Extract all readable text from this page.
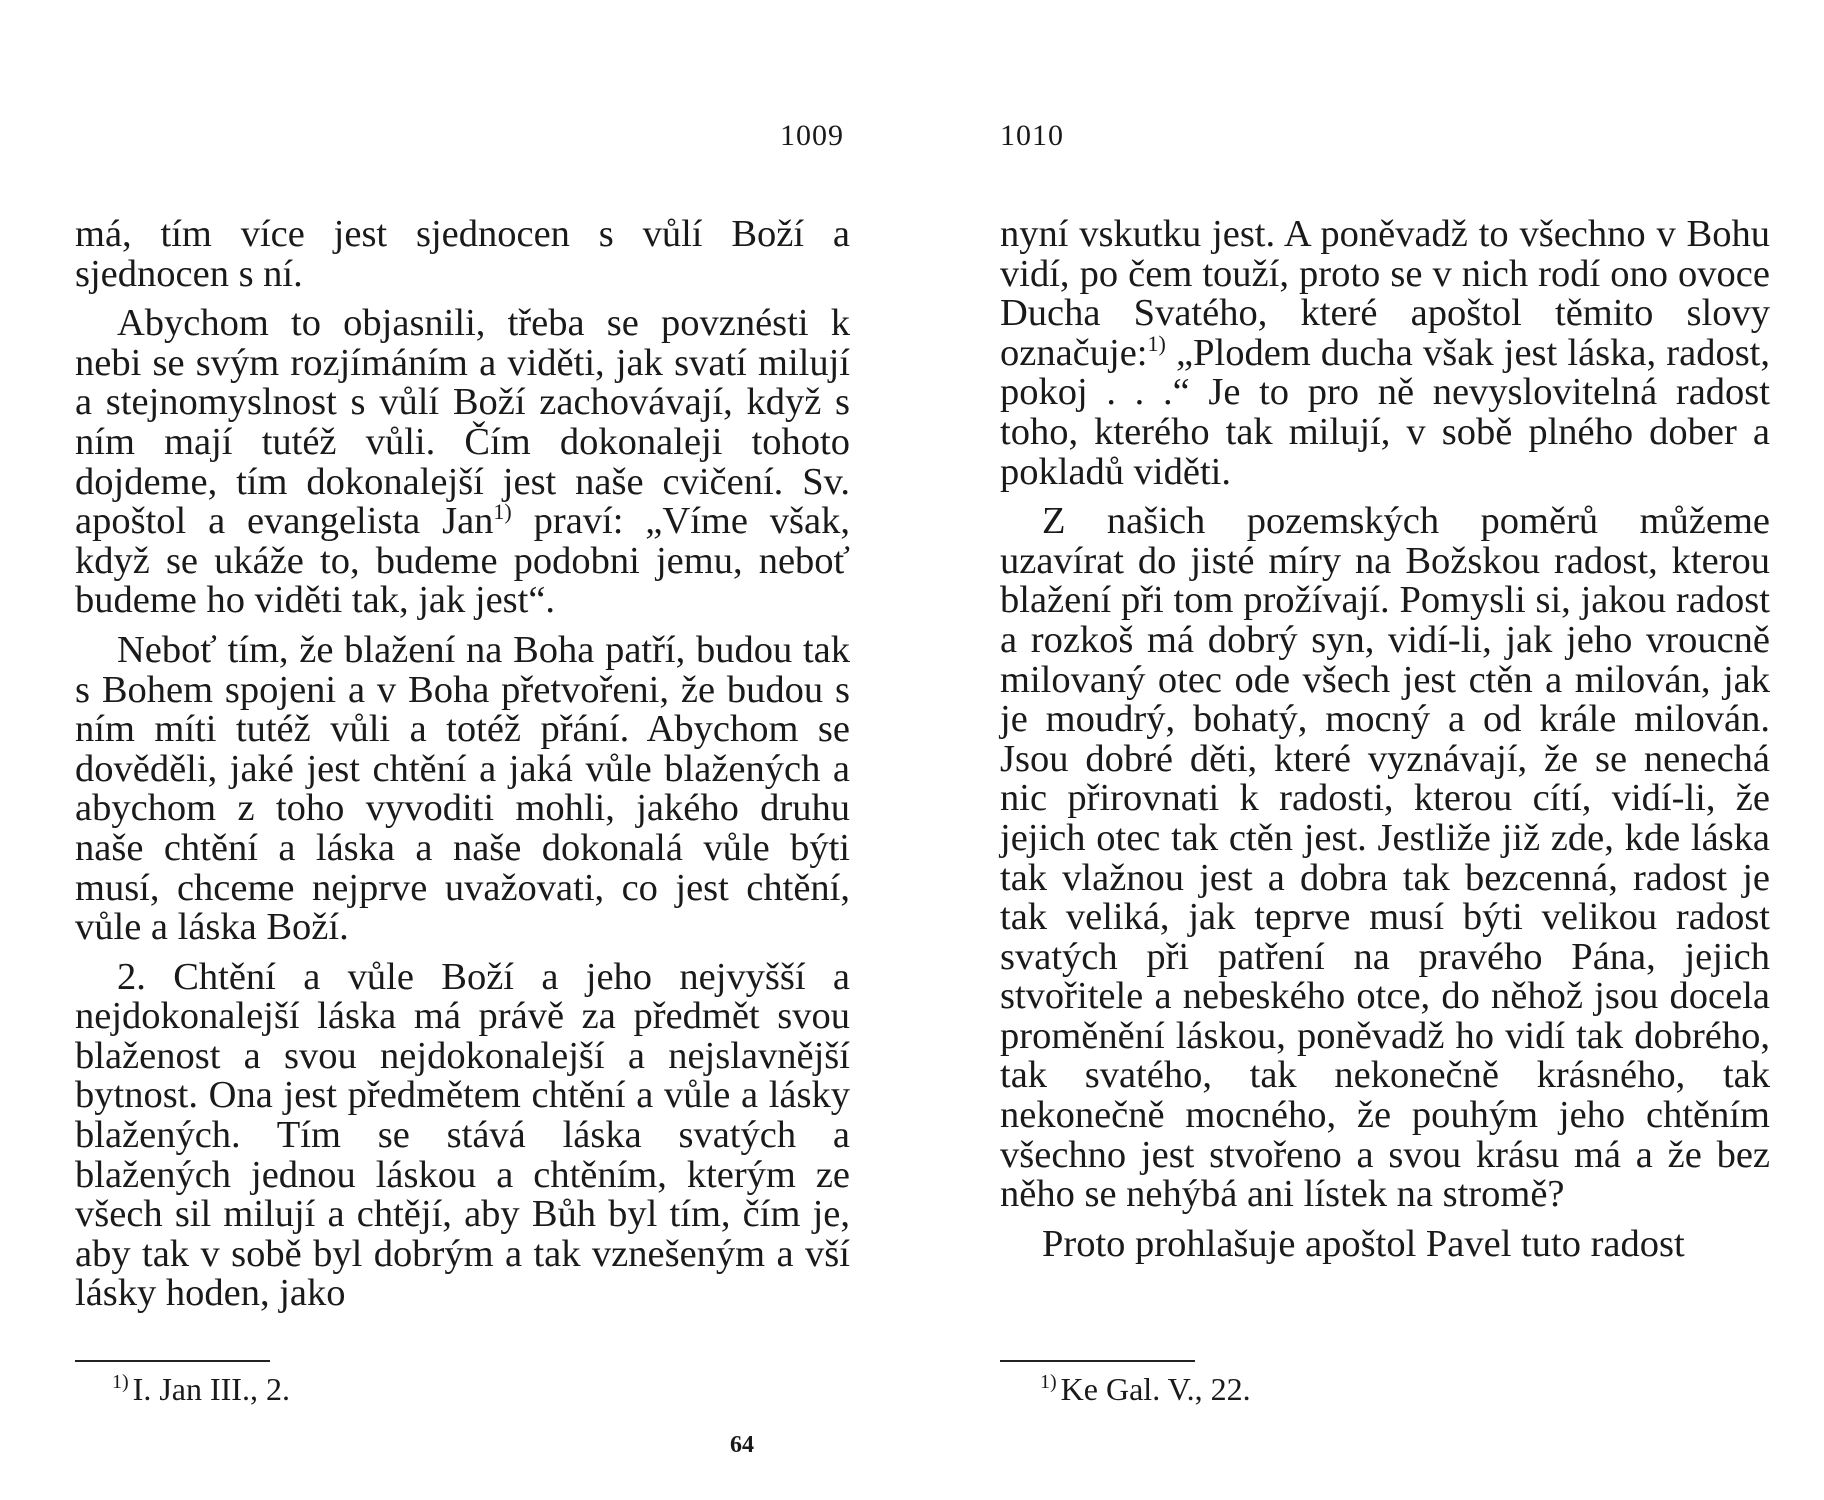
1009	1010

má, tím více jest sjednocen s vůlí Boží a sjednocen s ní.

Abychom to objasnili, třeba se povznésti k nebi se svým rozjímáním a viděti, jak svatí milují a stejnomyslnost s vůlí Boží zachovávají, když s ním mají tutéž vůli. Čím dokonaleji tohoto dojdeme, tím dokonalejší jest naše cvičení. Sv. apoštol a evangelista Jan$^{1)}$ praví: „Víme však, když se ukáže to, budeme podobni jemu, neboť budeme ho viděti tak, jak jest“.

Neboť tím, že blažení na Boha patří, budou tak s Bohem spojeni a v Boha přetvořeni, že budou s ním míti tutéž vůli a totéž přání. Abychom se dověděli, jaké jest chtění a jaká vůle blažených a abychom z toho vyvoditi mohli, jakého druhu naše chtění a láska a naše dokonalá vůle býti musí, chceme nejprve uvažovati, co jest chtění, vůle a láska Boží.

2. Chtění a vůle Boží a jeho nejvyšší a nejdokonalejší láska má právě za předmět svou blaženost a svou nejdokonalejší a nejslavnější bytnost. Ona jest předmětem chtění a vůle a lásky blažených. Tím se stává láska svatých a blažených jednou láskou a chtěním, kterým ze všech sil milují a chtějí, aby Bůh byl tím, čím je, aby tak v sobě byl dobrým a tak vznešeným a vší lásky hoden, jako

$^{1)}$ I. Jan III., 2.

nyní vskutku jest. A poněvadž to všechno v Bohu vidí, po čem touží, proto se v nich rodí ono ovoce Ducha Svatého, které apoštol těmito slovy označuje:$^{1)}$ „Plodem ducha však jest láska, radost, pokoj . . .“ Je to pro ně nevyslovitelná radost toho, kterého tak milují, v sobě plného dober a pokladů viděti.

Z našich pozemských poměrů můžeme uzavírat do jisté míry na Božskou radost, kterou blažení při tom prožívají. Pomysli si, jakou radost a rozkoš má dobrý syn, vidí-li, jak jeho vroucně milovaný otec ode všech jest ctěn a milován, jak je moudrý, bohatý, mocný a od krále milován. Jsou dobré děti, které vyznávají, že se nenechá nic přirovnati k radosti, kterou cítí, vidí-li, že jejich otec tak ctěn jest. Jestliže již zde, kde láska tak vlažnou jest a dobra tak bezcenná, radost je tak veliká, jak teprve musí býti velikou radost svatých při patření na pravého Pána, jejich stvořitele a nebeského otce, do něhož jsou docela proměnění láskou, poněvadž ho vidí tak dobrého, tak svatého, tak nekonečně krásného, tak nekonečně mocného, že pouhým jeho chtěním všechno jest stvořeno a svou krásu má a že bez něho se nehýbá ani lístek na stromě?

Proto prohlašuje apoštol Pavel tuto radost

$^{1)}$ Ke Gal. V., 22.
64
